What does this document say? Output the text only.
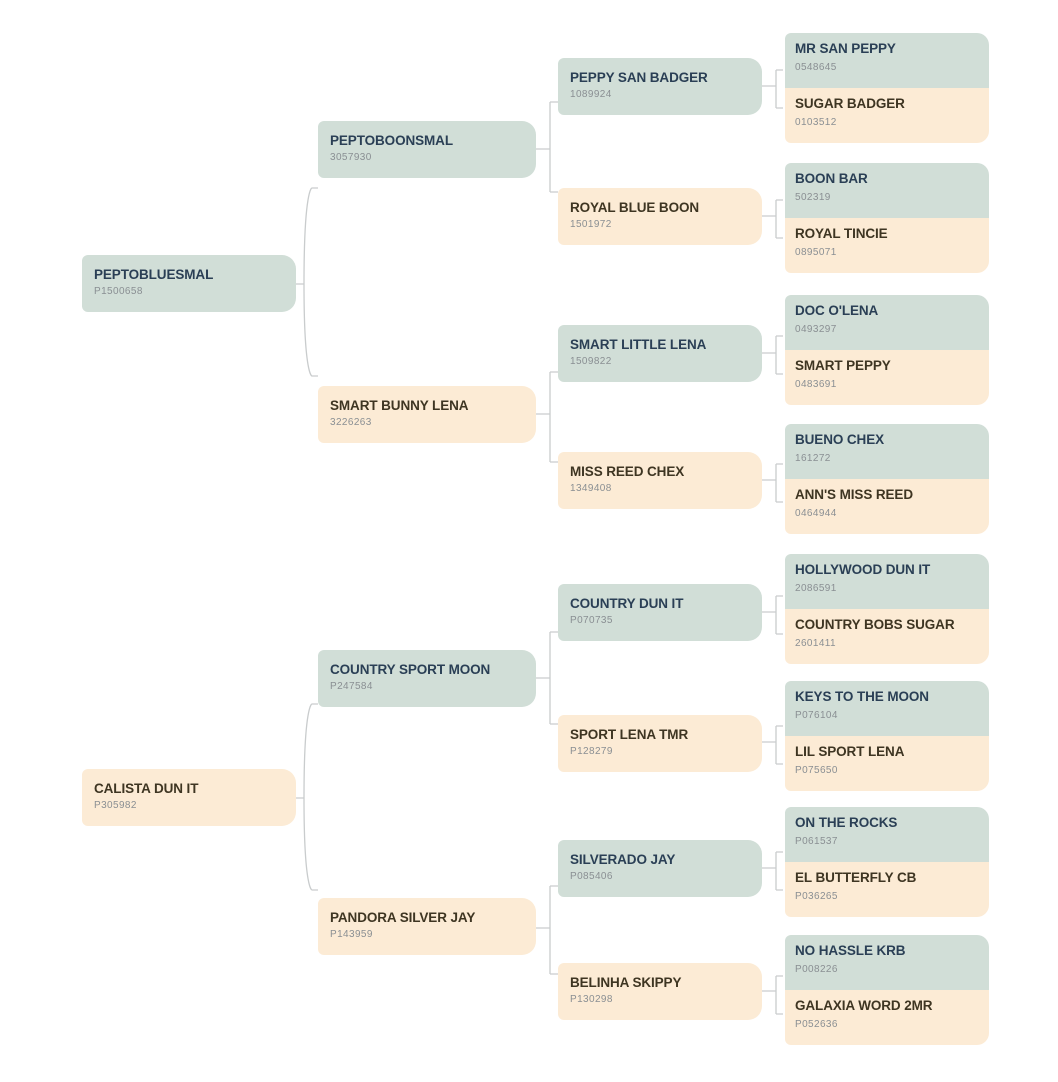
PEPTOBLUESMAL
P1500658
CALISTA DUN IT
P305982
PEPTOBOONSMAL
3057930
SMART BUNNY LENA
3226263
COUNTRY SPORT MOON
P247584
PANDORA SILVER JAY
P143959
PEPPY SAN BADGER
1089924
ROYAL BLUE BOON
1501972
SMART LITTLE LENA
1509822
MISS REED CHEX
1349408
COUNTRY DUN IT
P070735
SPORT LENA TMR
P128279
SILVERADO JAY
P085406
BELINHA SKIPPY
P130298
MR SAN PEPPY
0548645
SUGAR BADGER
0103512
BOON BAR
502319
ROYAL TINCIE
0895071
DOC O'LENA
0493297
SMART PEPPY
0483691
BUENO CHEX
161272
ANN'S MISS REED
0464944
HOLLYWOOD DUN IT
2086591
COUNTRY BOBS SUGAR
2601411
KEYS TO THE MOON
P076104
LIL SPORT LENA
P075650
ON THE ROCKS
P061537
EL BUTTERFLY CB
P036265
NO HASSLE KRB
P008226
GALAXIA WORD 2MR
P052636
